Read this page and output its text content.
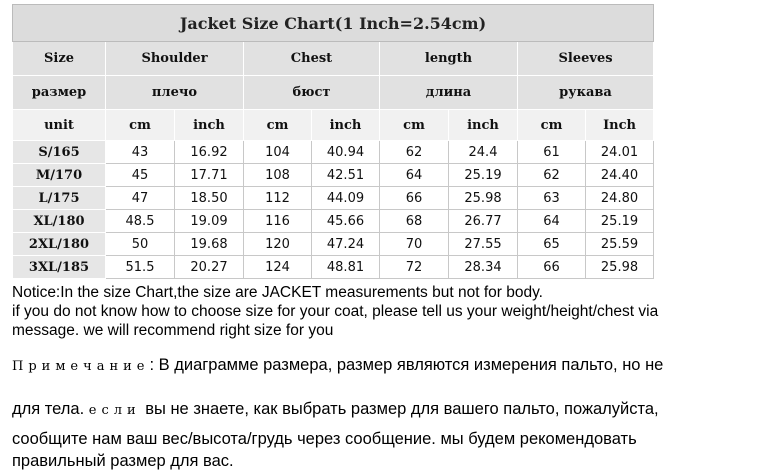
Jacket Size Chart(1 Inch=2.54cm)								
Size	Shoulder		Chest		length		Sleeves	
размер	плечо		бюст		длина		рукава	
unit	cm	inch	cm	inch	cm	inch	cm	Inch
S/165	43	16.92	104	40.94	62	24.4	61	24.01
M/170	45	17.71	108	42.51	64	25.19	62	24.40
L/175	47	18.50	112	44.09	66	25.98	63	24.80
XL/180	48.5	19.09	116	45.66	68	26.77	64	25.19
2XL/180	50	19.68	120	47.24	70	27.55	65	25.59
3XL/185	51.5	20.27	124	48.81	72	28.34	66	25.98
Notice:In the size Chart,the size are JACKET measurements but not for body.
if you do not know how to choose size for your coat, please tell us your weight/height/chest via
message. we will recommend right size for you
Примечание: В диаграмме размера, размер являются измерения пальто, но не
для тела. если вы не знаете, как выбрать размер для вашего пальто, пожалуйста,
сообщите нам ваш вес/высота/грудь через сообщение. мы будем рекомендовать
правильный размер для вас.
